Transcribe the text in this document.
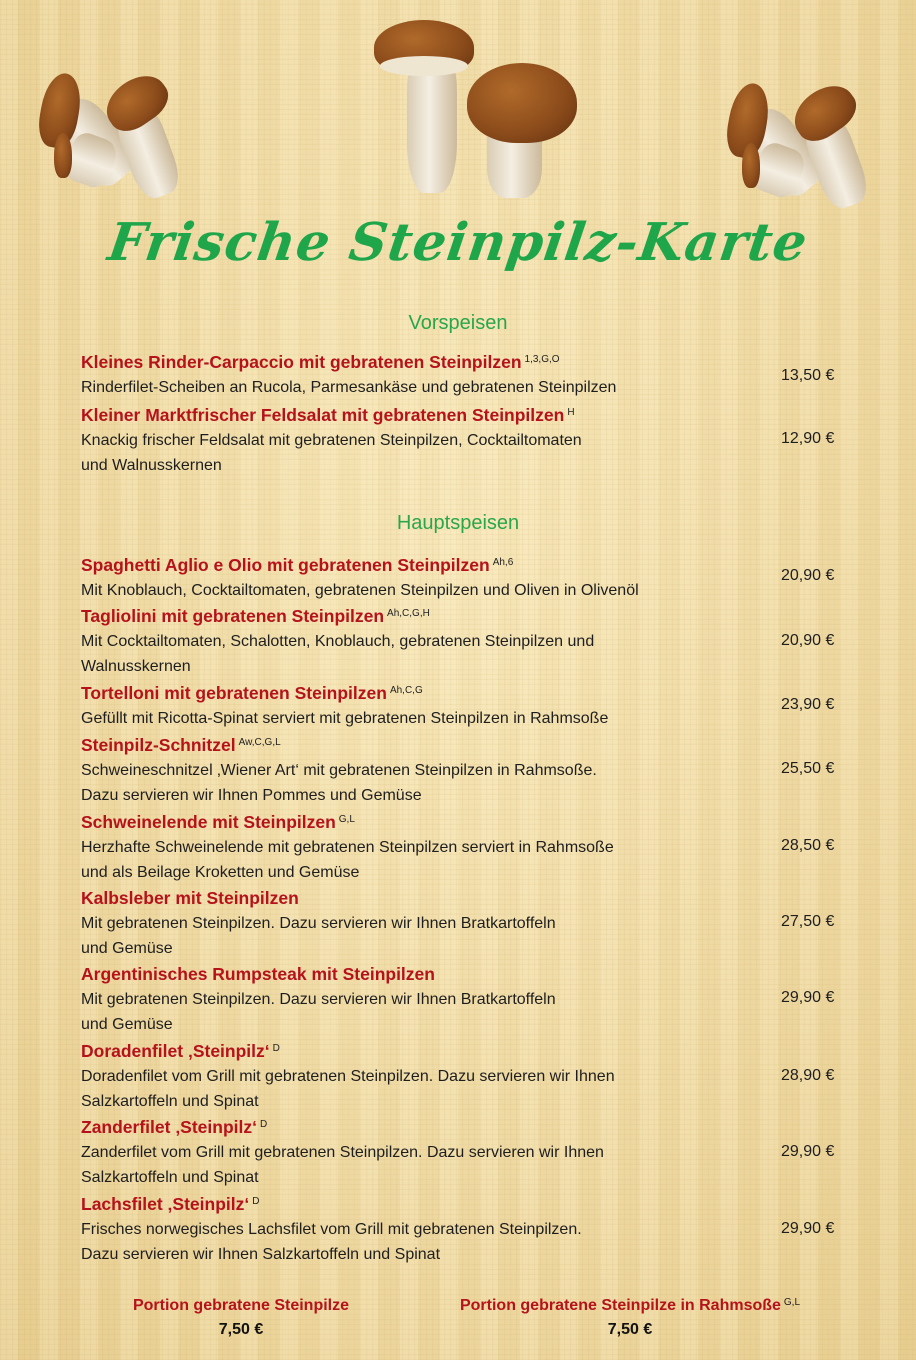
Frische Steinpilz-Karte
Vorspeisen
Kleines Rinder-Carpaccio mit gebratenen Steinpilzen $^{1,3,G,O}$
Rinderfilet-Scheiben an Rucola, Parmesankäse und gebratenen Steinpilzen
13,50 €
Kleiner Marktfrischer Feldsalat mit gebratenen Steinpilzen $^H$
Knackig frischer Feldsalat mit gebratenen Steinpilzen, Cocktailtomaten
und Walnusskernen
12,90 €
Hauptspeisen
Spaghetti Aglio e Olio mit gebratenen Steinpilzen $^{Ah,6}$
Mit Knoblauch, Cocktailtomaten, gebratenen Steinpilzen und Oliven in Olivenöl
20,90 €
Tagliolini mit gebratenen Steinpilzen $^{Ah,C,G,H}$
Mit Cocktailtomaten, Schalotten, Knoblauch, gebratenen Steinpilzen und
Walnusskernen
20,90 €
Tortelloni mit gebratenen Steinpilzen $^{Ah,C,G}$
Gefüllt mit Ricotta-Spinat serviert mit gebratenen Steinpilzen in Rahmsoße
23,90 €
Steinpilz-Schnitzel $^{Aw,C,G,L}$
Schweineschnitzel ‚Wiener Art‘ mit gebratenen Steinpilzen in Rahmsoße.
Dazu servieren wir Ihnen Pommes und Gemüse
25,50 €
Schweinelende mit Steinpilzen $^{G,L}$
Herzhafte Schweinelende mit gebratenen Steinpilzen serviert in Rahmsoße
und als Beilage Kroketten und Gemüse
28,50 €
Kalbsleber mit Steinpilzen
Mit gebratenen Steinpilzen. Dazu servieren wir Ihnen Bratkartoffeln
und Gemüse
27,50 €
Argentinisches Rumpsteak mit Steinpilzen
Mit gebratenen Steinpilzen. Dazu servieren wir Ihnen Bratkartoffeln
und Gemüse
29,90 €
Doradenfilet ‚Steinpilz‘ $^D$
Doradenfilet vom Grill mit gebratenen Steinpilzen. Dazu servieren wir Ihnen
Salzkartoffeln und Spinat
28,90 €
Zanderfilet ‚Steinpilz‘ $^D$
Zanderfilet vom Grill mit gebratenen Steinpilzen. Dazu servieren wir Ihnen
Salzkartoffeln und Spinat
29,90 €
Lachsfilet ‚Steinpilz‘ $^D$
Frisches norwegisches Lachsfilet vom Grill mit gebratenen Steinpilzen.
Dazu servieren wir Ihnen Salzkartoffeln und Spinat
29,90 €
Portion gebratene Steinpilze
7,50 €
Portion gebratene Steinpilze in Rahmsoße $^{G,L}$
7,50 €
